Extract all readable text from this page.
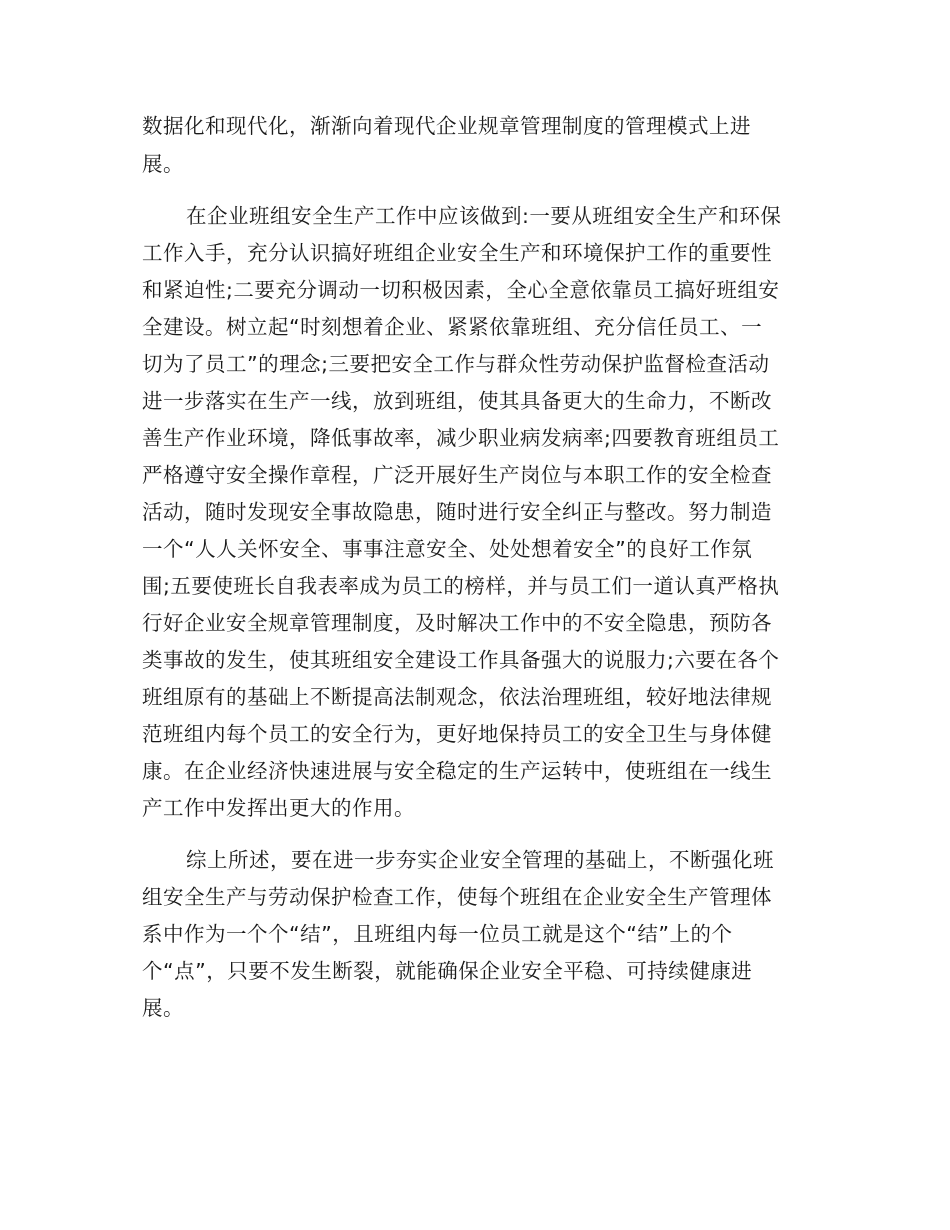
数据化和现代化，渐渐向着现代企业规章管理制度的管理模式上进

展。

在企业班组安全生产工作中应该做到:一要从班组安全生产和环保

工作入手，充分认识搞好班组企业安全生产和环境保护工作的重要性

和紧迫性;二要充分调动一切积极因素，全心全意依靠员工搞好班组安

全建设。树立起“时刻想着企业、紧紧依靠班组、充分信任员工、一

切为了员工”的理念;三要把安全工作与群众性劳动保护监督检查活动

进一步落实在生产一线，放到班组，使其具备更大的生命力，不断改

善生产作业环境，降低事故率，减少职业病发病率;四要教育班组员工

严格遵守安全操作章程，广泛开展好生产岗位与本职工作的安全检查

活动，随时发现安全事故隐患，随时进行安全纠正与整改。努力制造

一个“人人关怀安全、事事注意安全、处处想着安全”的良好工作氛

围;五要使班长自我表率成为员工的榜样，并与员工们一道认真严格执

行好企业安全规章管理制度，及时解决工作中的不安全隐患，预防各

类事故的发生，使其班组安全建设工作具备强大的说服力;六要在各个

班组原有的基础上不断提高法制观念，依法治理班组，较好地法律规

范班组内每个员工的安全行为，更好地保持员工的安全卫生与身体健

康。在企业经济快速进展与安全稳定的生产运转中，使班组在一线生

产工作中发挥出更大的作用。

综上所述，要在进一步夯实企业安全管理的基础上，不断强化班

组安全生产与劳动保护检查工作，使每个班组在企业安全生产管理体

系中作为一个个“结”，且班组内每一位员工就是这个“结”上的个

个“点”，只要不发生断裂，就能确保企业安全平稳、可持续健康进

展。
